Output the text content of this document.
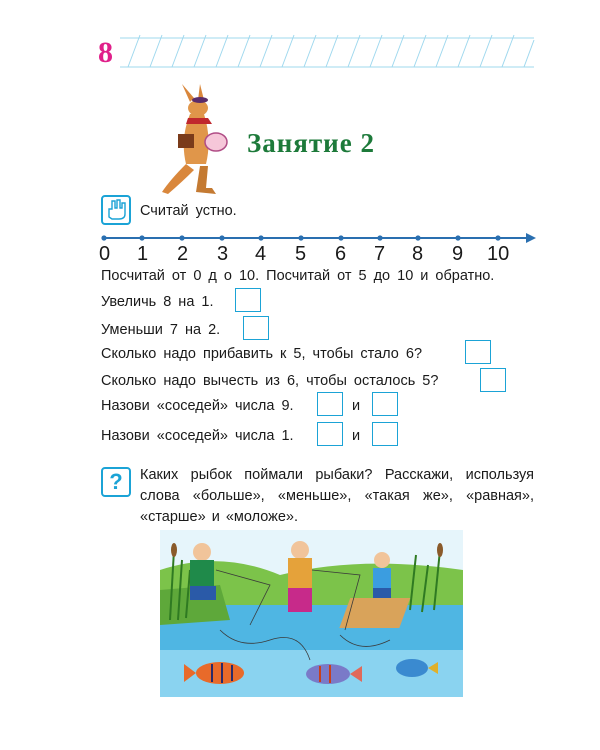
8
Занятие 2
Считай устно.
0 1 2 3 4 5 6 7 8 9 10
Посчитай от 0 д о 10. Посчитай от 5 до 10 и обратно.
Увеличь 8 на 1.
Уменьши 7 на 2.
Сколько надо прибавить к 5, чтобы стало 6?
Сколько надо вычесть из 6, чтобы осталось 5?
Назови «соседей» числа 9.	и
Назови «соседей» числа 1.	и
?	Каких рыбок поймали рыбаки? Расскажи, используя слова «больше», «меньше», «такая же», «равная», «старше» и «моложе».
